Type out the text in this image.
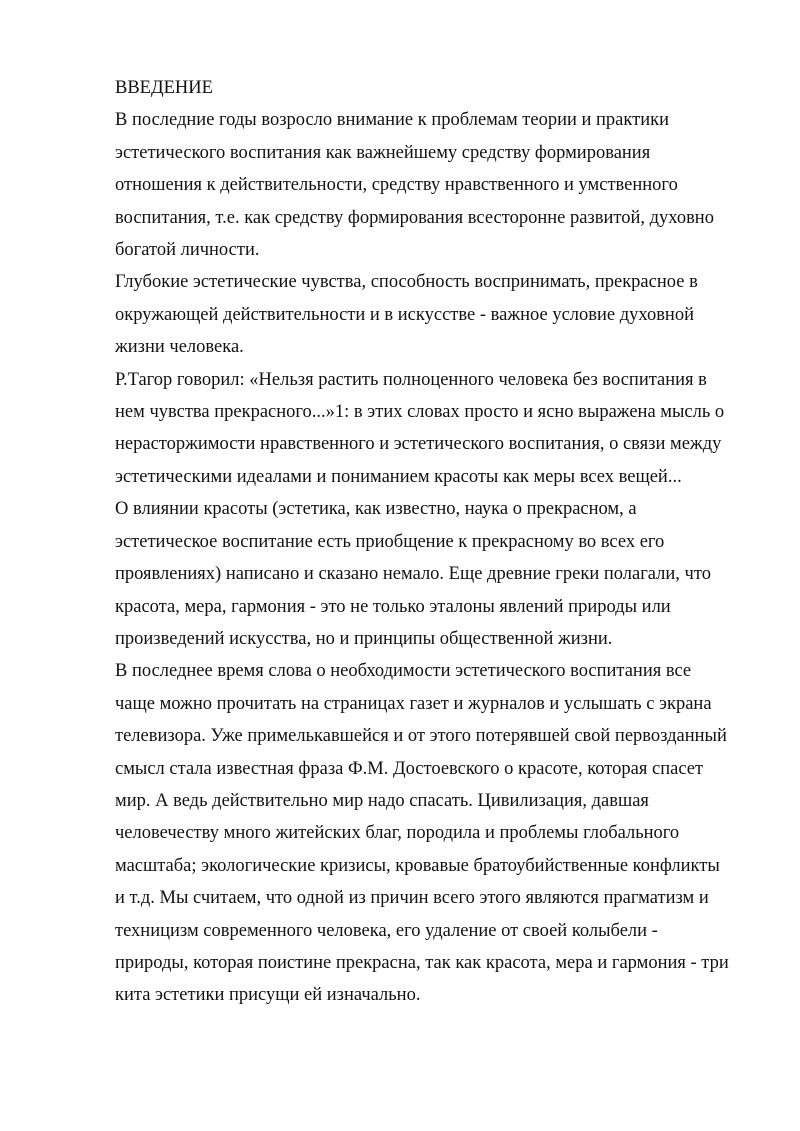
ВВЕДЕНИЕ

В последние годы возросло внимание к проблемам теории и практики
эстетического воспитания как важнейшему средству формирования
отношения к действительности, средству нравственного и умственного
воспитания, т.е. как средству формирования всесторонне развитой, духовно
богатой личности.

Глубокие эстетические чувства, способность воспринимать, прекрасное в
окружающей действительности и в искусстве - важное условие духовной
жизни человека.

Р.Тагор говорил: «Нельзя растить полноценного человека без воспитания в
нем чувства прекрасного...»1: в этих словах просто и ясно выражена мысль о
нерасторжимости нравственного и эстетического воспитания, о связи между
эстетическими идеалами и пониманием красоты как меры всех вещей...

О влиянии красоты (эстетика, как известно, наука о прекрасном, а
эстетическое воспитание есть приобщение к прекрасному во всех его
проявлениях) написано и сказано немало. Еще древние греки полагали, что
красота, мера, гармония - это не только эталоны явлений природы или
произведений искусства, но и принципы общественной жизни.

В последнее время слова о необходимости эстетического воспитания все
чаще можно прочитать на страницах газет и журналов и услышать с экрана
телевизора. Уже примелькавшейся и от этого потерявшей свой первозданный
смысл стала известная фраза Ф.М. Достоевского о красоте, которая спасет
мир. А ведь действительно мир надо спасать. Цивилизация, давшая
человечеству много житейских благ, породила и проблемы глобального
масштаба; экологические кризисы, кровавые братоубийственные конфликты
и т.д. Мы считаем, что одной из причин всего этого являются прагматизм и
техницизм современного человека, его удаление от своей колыбели -
природы, которая поистине прекрасна, так как красота, мера и гармония - три
кита эстетики присущи ей изначально.
